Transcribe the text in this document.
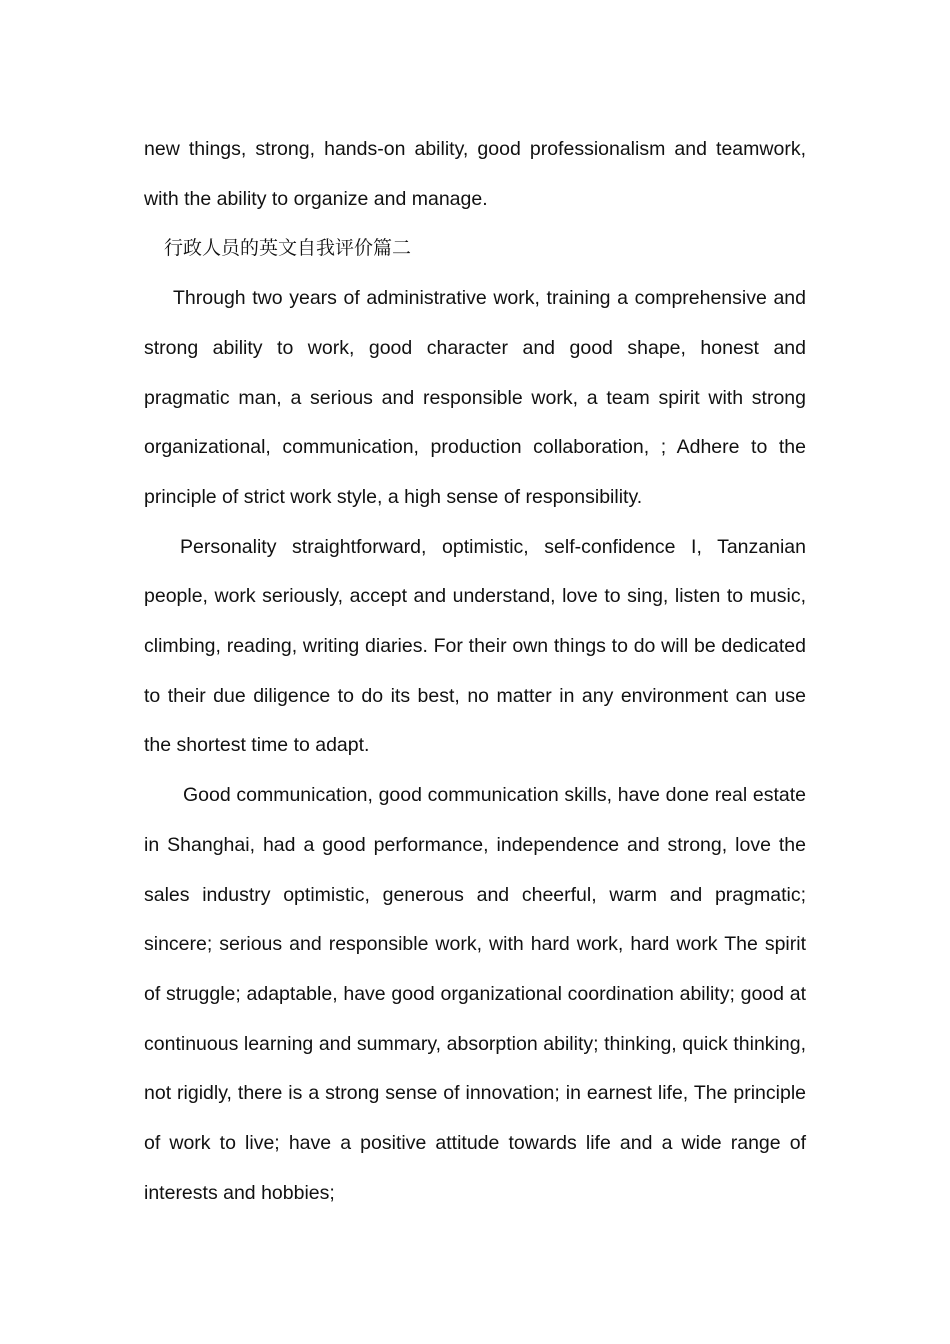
new things, strong, hands-on ability, good professionalism and teamwork, with the ability to organize and manage.

行政人员的英文自我评价篇二

Through two years of administrative work, training a comprehensive and strong ability to work, good character and good shape, honest and pragmatic man, a serious and responsible work, a team spirit with strong organizational, communication, production collaboration, ; Adhere to the principle of strict work style, a high sense of responsibility.

Personality straightforward, optimistic, self-confidence I, Tanzanian people, work seriously, accept and understand, love to sing, listen to music, climbing, reading, writing diaries. For their own things to do will be dedicated to their due diligence to do its best, no matter in any environment can use the shortest time to adapt.

Good communication, good communication skills, have done real estate in Shanghai, had a good performance, independence and strong, love the sales industry optimistic, generous and cheerful, warm and pragmatic; sincere; serious and responsible work, with hard work, hard work The spirit of struggle; adaptable, have good organizational coordination ability; good at continuous learning and summary, absorption ability; thinking, quick thinking, not rigidly, there is a strong sense of innovation; in earnest life, The principle of work to live; have a positive attitude towards life and a wide range of interests and hobbies;
